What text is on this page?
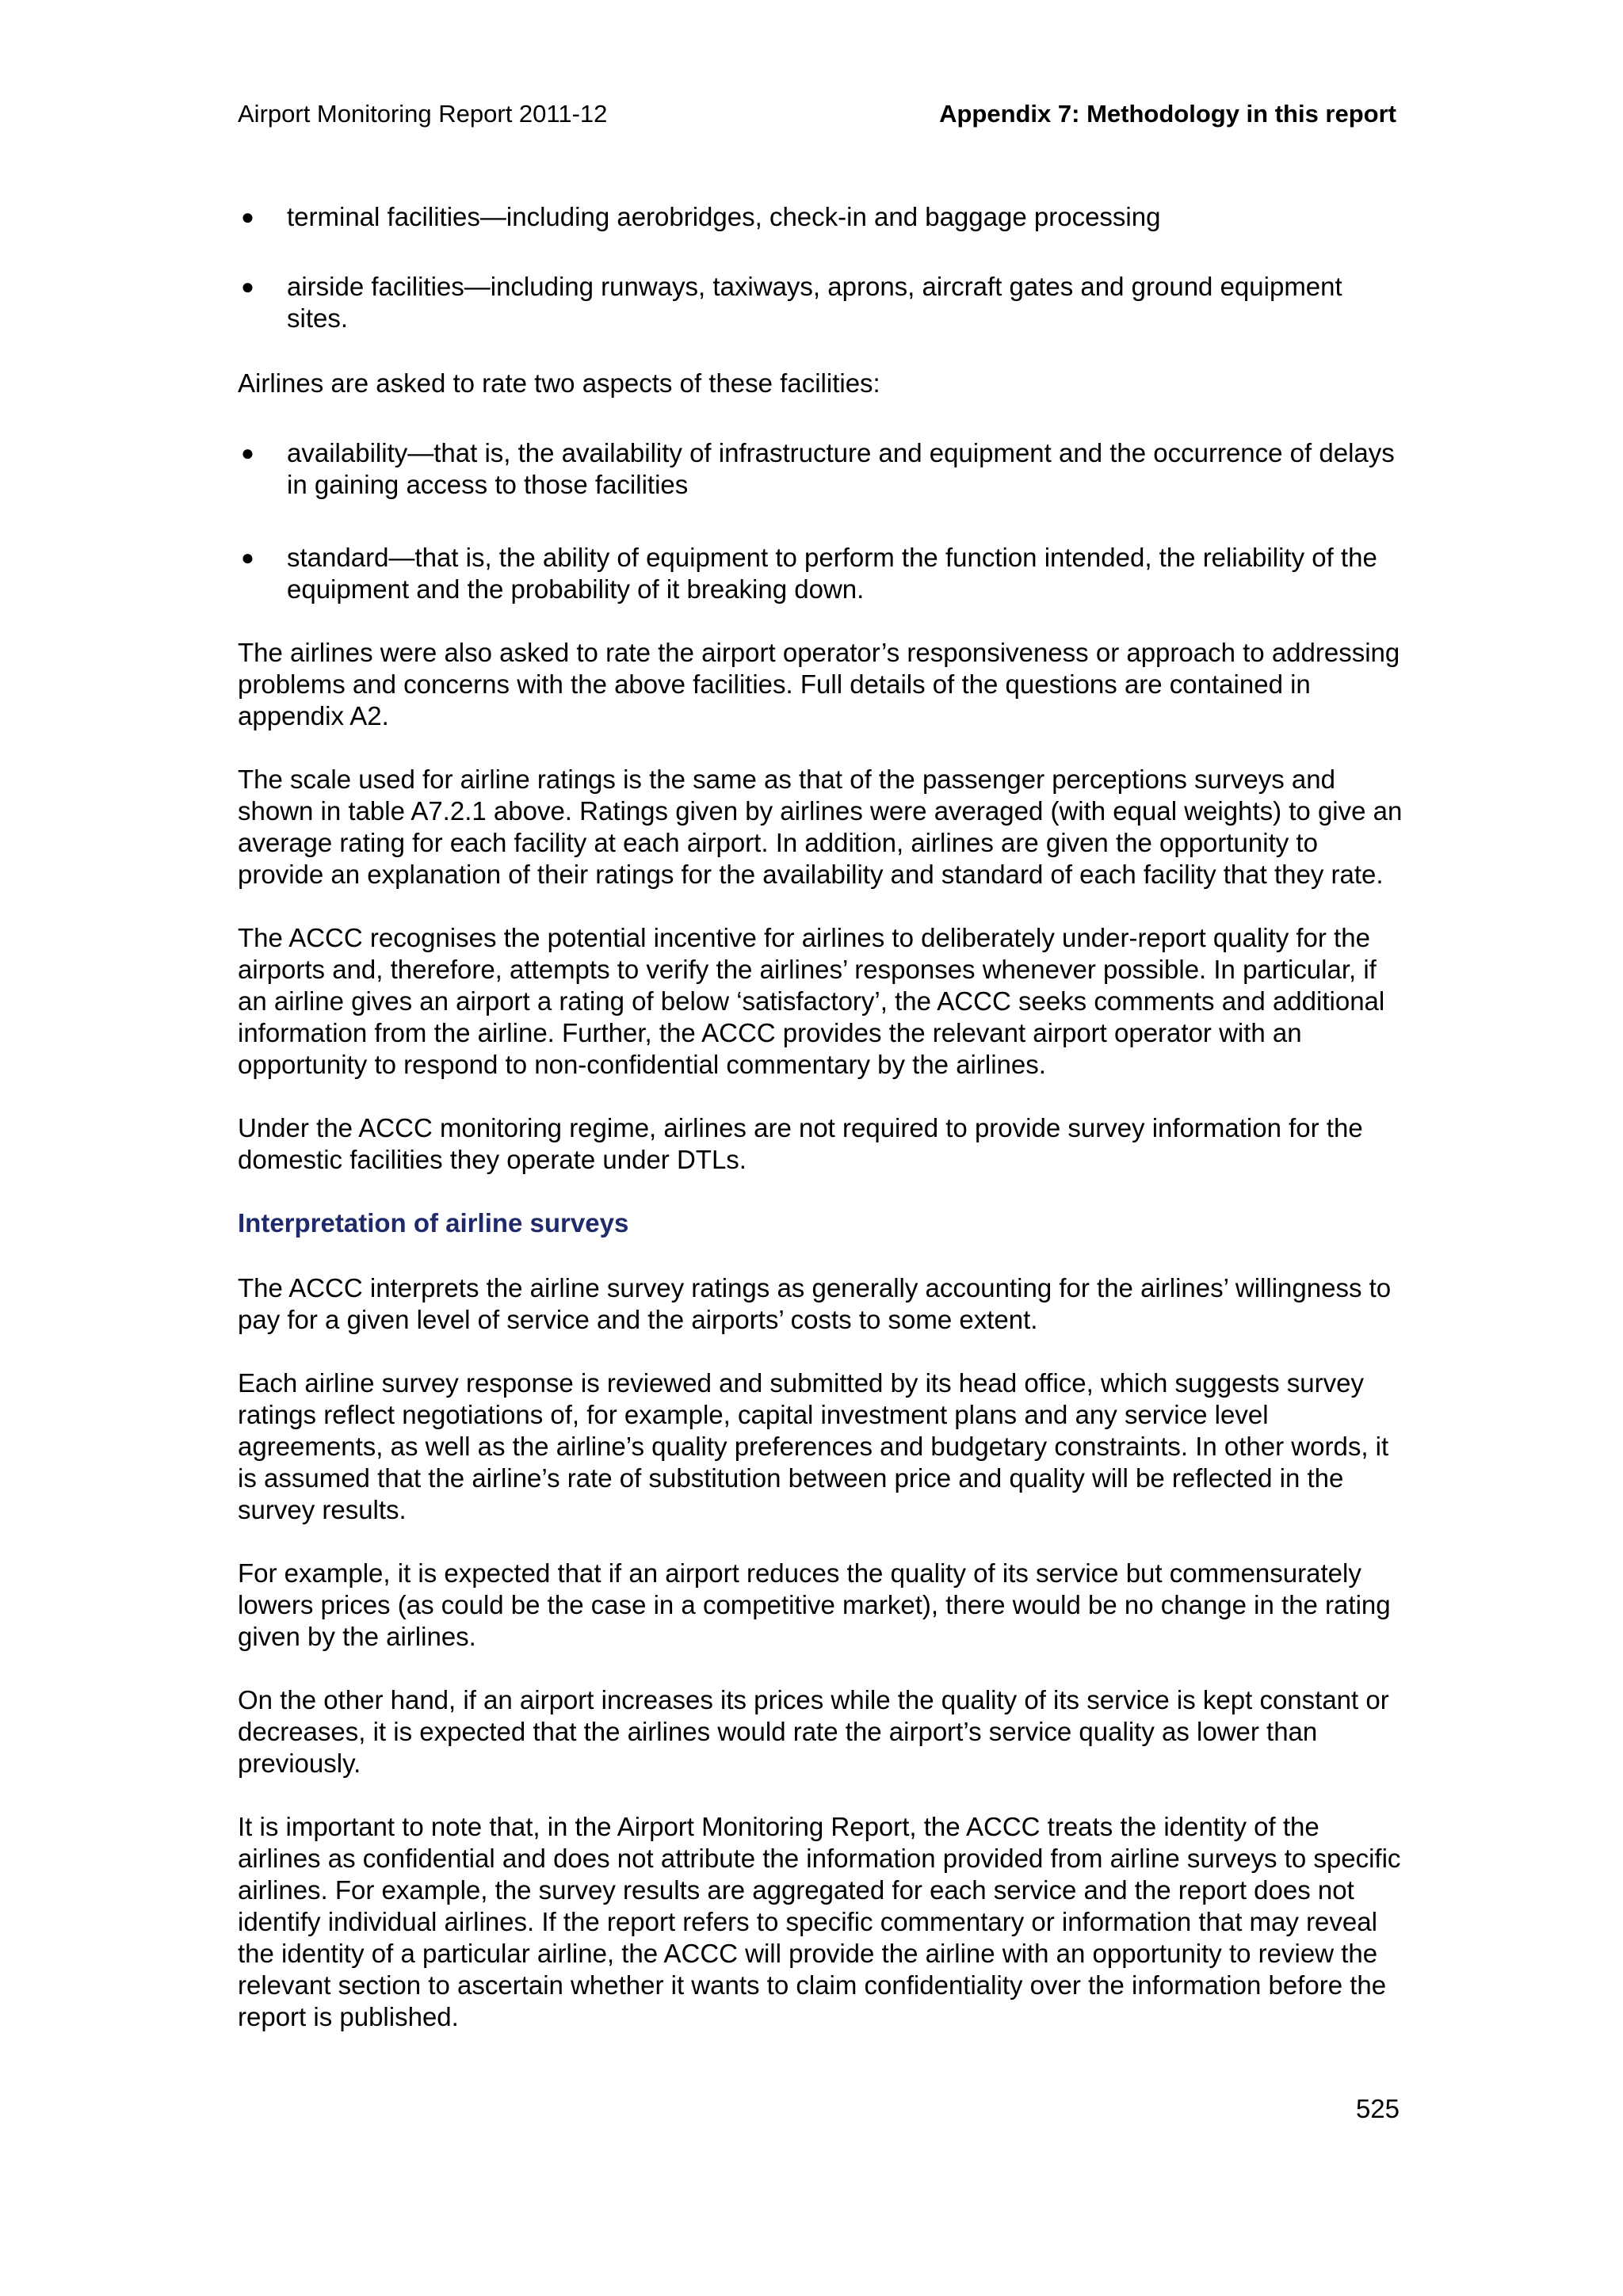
Airport Monitoring Report 2011-12	Appendix 7: Methodology in this report
● terminal facilities—including aerobridges, check-in and baggage processing
● airside facilities—including runways, taxiways, aprons, aircraft gates and ground equipment sites.

Airlines are asked to rate two aspects of these facilities:

● availability—that is, the availability of infrastructure and equipment and the occurrence of delays in gaining access to those facilities
● standard—that is, the ability of equipment to perform the function intended, the reliability of the equipment and the probability of it breaking down.

The airlines were also asked to rate the airport operator’s responsiveness or approach to addressing problems and concerns with the above facilities. Full details of the questions are contained in appendix A2.

The scale used for airline ratings is the same as that of the passenger perceptions surveys and shown in table A7.2.1 above. Ratings given by airlines were averaged (with equal weights) to give an average rating for each facility at each airport. In addition, airlines are given the opportunity to provide an explanation of their ratings for the availability and standard of each facility that they rate.

The ACCC recognises the potential incentive for airlines to deliberately under-report quality for the airports and, therefore, attempts to verify the airlines’ responses whenever possible. In particular, if an airline gives an airport a rating of below ‘satisfactory’, the ACCC seeks comments and additional information from the airline. Further, the ACCC provides the relevant airport operator with an opportunity to respond to non-confidential commentary by the airlines.

Under the ACCC monitoring regime, airlines are not required to provide survey information for the domestic facilities they operate under DTLs.

Interpretation of airline surveys

The ACCC interprets the airline survey ratings as generally accounting for the airlines’ willingness to pay for a given level of service and the airports’ costs to some extent.

Each airline survey response is reviewed and submitted by its head office, which suggests survey ratings reflect negotiations of, for example, capital investment plans and any service level agreements, as well as the airline’s quality preferences and budgetary constraints. In other words, it is assumed that the airline’s rate of substitution between price and quality will be reflected in the survey results.

For example, it is expected that if an airport reduces the quality of its service but commensurately lowers prices (as could be the case in a competitive market), there would be no change in the rating given by the airlines.

On the other hand, if an airport increases its prices while the quality of its service is kept constant or decreases, it is expected that the airlines would rate the airport’s service quality as lower than previously.

It is important to note that, in the Airport Monitoring Report, the ACCC treats the identity of the airlines as confidential and does not attribute the information provided from airline surveys to specific airlines. For example, the survey results are aggregated for each service and the report does not identify individual airlines. If the report refers to specific commentary or information that may reveal the identity of a particular airline, the ACCC will provide the airline with an opportunity to review the relevant section to ascertain whether it wants to claim confidentiality over the information before the report is published.

525
